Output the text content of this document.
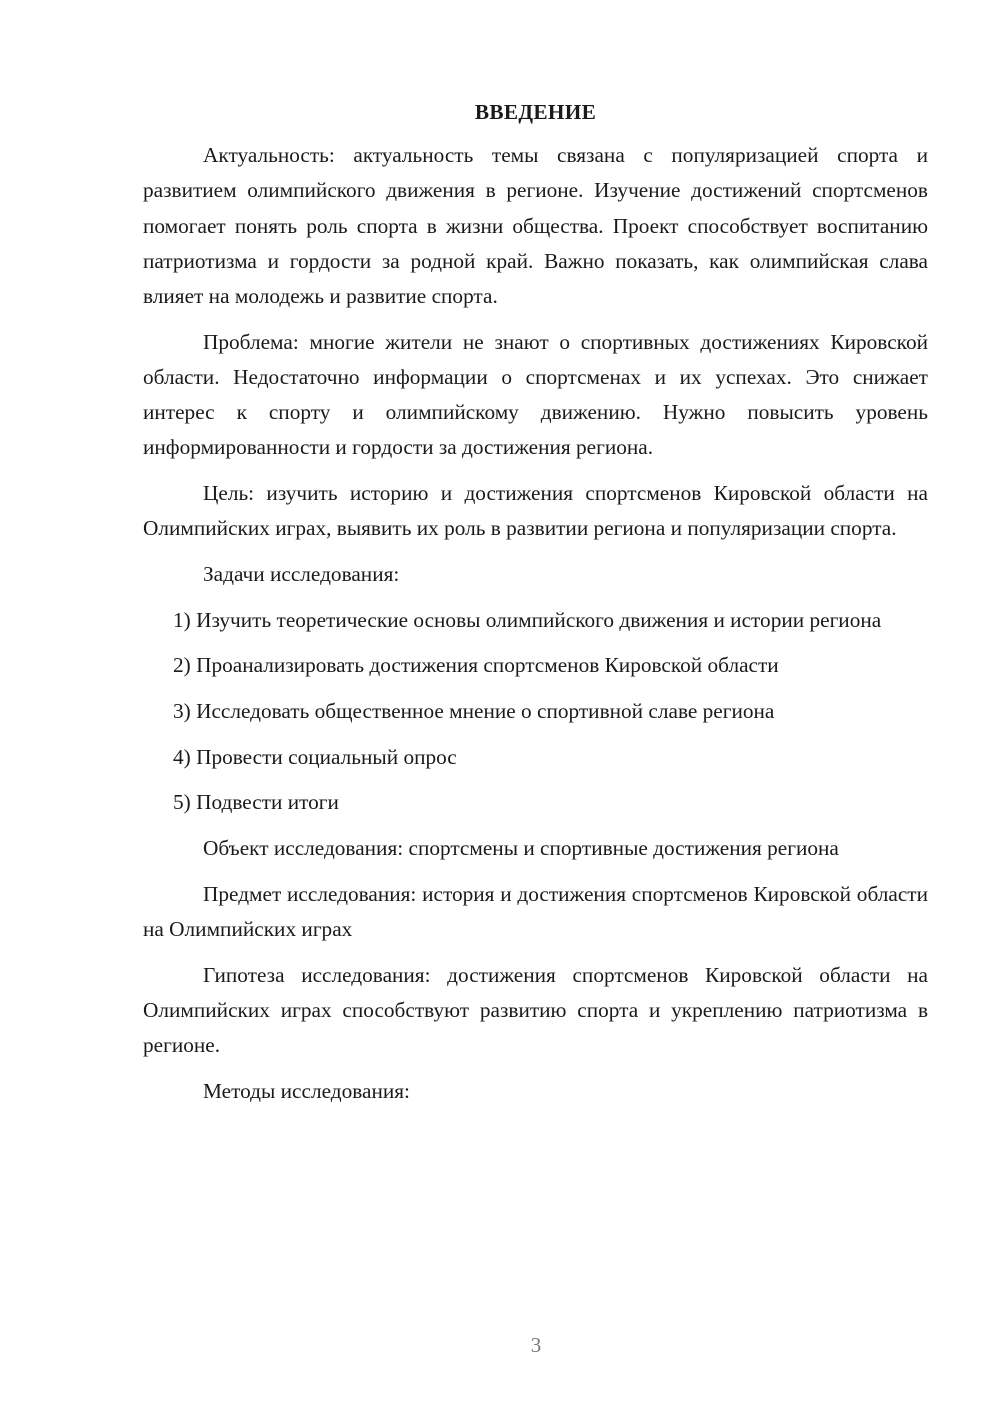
ВВЕДЕНИЕ

Актуальность: актуальность темы связана с популяризацией спорта и развитием олимпийского движения в регионе. Изучение достижений спортсменов помогает понять роль спорта в жизни общества. Проект способствует воспитанию патриотизма и гордости за родной край. Важно показать, как олимпийская слава влияет на молодежь и развитие спорта.

Проблема: многие жители не знают о спортивных достижениях Кировской области. Недостаточно информации о спортсменах и их успехах. Это снижает интерес к спорту и олимпийскому движению. Нужно повысить уровень информированности и гордости за достижения региона.

Цель: изучить историю и достижения спортсменов Кировской области на Олимпийских играх, выявить их роль в развитии региона и популяризации спорта.

Задачи исследования:

1) Изучить теоретические основы олимпийского движения и истории региона

2) Проанализировать достижения спортсменов Кировской области

3) Исследовать общественное мнение о спортивной славе региона

4) Провести социальный опрос

5) Подвести итоги

Объект исследования: спортсмены и спортивные достижения региона

Предмет исследования: история и достижения спортсменов Кировской области на Олимпийских играх

Гипотеза исследования: достижения спортсменов Кировской области на Олимпийских играх способствуют развитию спорта и укреплению патриотизма в регионе.

Методы исследования:

3
